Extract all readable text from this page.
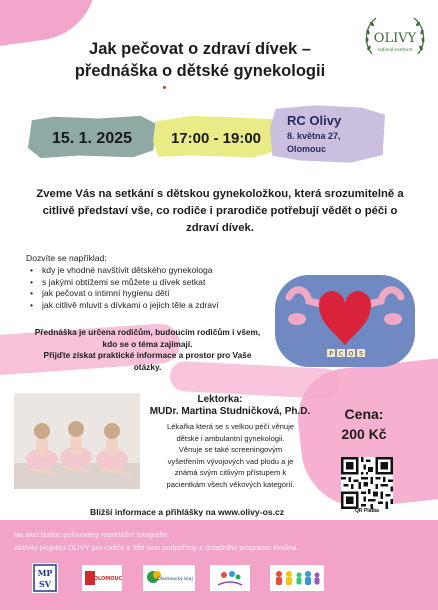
OLIVY
rodinné centrum
Jak pečovat o zdraví dívek –
přednáška o dětské gynekologii
15. 1. 2025	17:00 - 19:00
RC Olivy
8. května 27,
Olomouc
Zveme Vás na setkání s dětskou gynekoložkou, která srozumitelně a citlivě představí vše, co rodiče i prarodiče potřebují vědět o péči o zdraví dívek.
Dozvíte se například:
• kdy je vhodné navštívit dětského gynekologa
• s jakými obtížemi se můžete u dívek setkat
• jak pečovat o intimní hygienu dětí
• jak citlivě mluvit s dívkami o jejich těle a zdraví
P C O S
Přednáška je určena rodičům, budoucím rodičům i všem,
kdo se o téma zajímají.
Přijďte získat praktické informace a prostor pro Vaše
otázky.
Lektorka:
MUDr. Martina Studničková, Ph.D.
Lékařka která se s velkou péčí věnuje
dětské i ambulantní gynekologii.
Věnuje se také screeningovým
vyšetřením vývojových vad plodu a je
známá svým citlivým přístupem k
pacientkám všech věkových kategorií.
Cena:
200 Kč
QR Platba
Bližší informace a přihlášky na www.olivy-os.cz
Na akci budou pořizovány reportážní fotografie.
Aktivity projektu OLIVY pro rodiče a děti jsou podpořeny z dotačního programu Rodina.
MP
SV	OLOMOUC	Olomoucký kraj
